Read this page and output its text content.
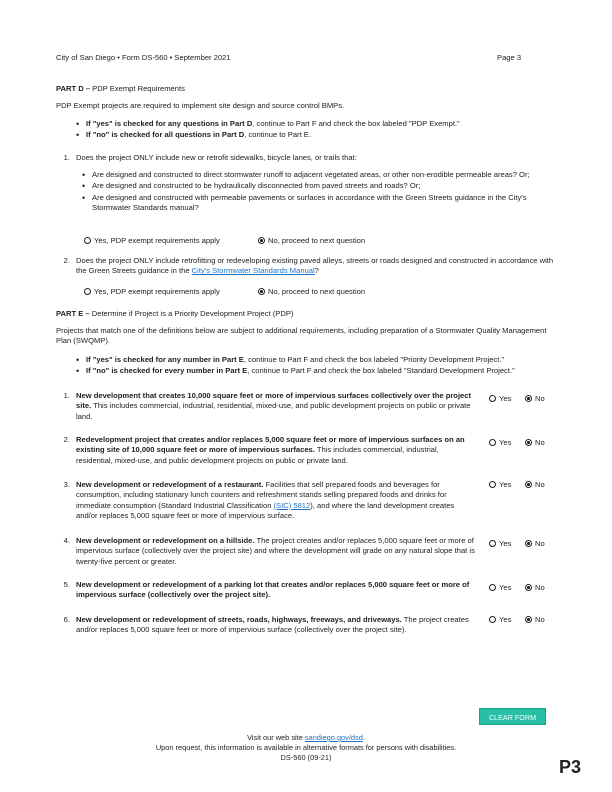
City of San Diego • Form DS-560 • September 2021	Page 3
PART D – PDP Exempt Requirements
PDP Exempt projects are required to implement site design and source control BMPs.
• If "yes" is checked for any questions in Part D, continue to Part F and check the box labeled "PDP Exempt."
• If "no" is checked for all questions in Part D, continue to Part E.
1. Does the project ONLY include new or retrofit sidewalks, bicycle lanes, or trails that:
• Are designed and constructed to direct stormwater runoff to adjacent vegetated areas, or other non-erodible permeable areas? Or;
• Are designed and constructed to be hydraulically disconnected from paved streets and roads? Or;
• Are designed and constructed with permeable pavements or surfaces in accordance with the Green Streets guidance in the City's Stormwater Standards manual?
Yes, PDP exempt requirements apply	No, proceed to next question
2. Does the project ONLY include retrofitting or redeveloping existing paved alleys, streets or roads designed and constructed in accordance with the Green Streets guidance in the City's Stormwater Standards Manual?
Yes, PDP exempt requirements apply	No, proceed to next question
PART E – Determine if Project is a Priority Development Project (PDP)
Projects that match one of the definitions below are subject to additional requirements, including preparation of a Stormwater Quality Management Plan (SWQMP).
• If "yes" is checked for any number in Part E, continue to Part F and check the box labeled "Priority Development Project."
• If "no" is checked for every number in Part E, continue to Part F and check the box labeled "Standard Development Project."
1. New development that creates 10,000 square feet or more of impervious surfaces collectively over the project site. This includes commercial, industrial, residential, mixed-use, and public development projects on public or private land.
Yes	No
2. Redevelopment project that creates and/or replaces 5,000 square feet or more of impervious surfaces on an existing site of 10,000 square feet or more of impervious surfaces. This includes commercial, industrial, residential, mixed-use, and public development projects on public or private land.
Yes	No
3. New development or redevelopment of a restaurant. Facilities that sell prepared foods and beverages for consumption, including stationary lunch counters and refreshment stands selling prepared foods and drinks for immediate consumption (Standard Industrial Classification (SIC) 5812), and where the land development creates and/or replaces 5,000 square feet or more of impervious surface.
Yes	No
4. New development or redevelopment on a hillside. The project creates and/or replaces 5,000 square feet or more of impervious surface (collectively over the project site) and where the development will grade on any natural slope that is twenty-five percent or greater.
Yes	No
5. New development or redevelopment of a parking lot that creates and/or replaces 5,000 square feet or more of impervious surface (collectively over the project site).
Yes	No
6. New development or redevelopment of streets, roads, highways, freeways, and driveways. The project creates and/or replaces 5,000 square feet or more of impervious surface (collectively over the project site).
Yes	No
CLEAR FORM
Visit our web site sandiego.gov/dsd.
Upon request, this information is available in alternative formats for persons with disabilities.
DS-560 (09-21)	P3
